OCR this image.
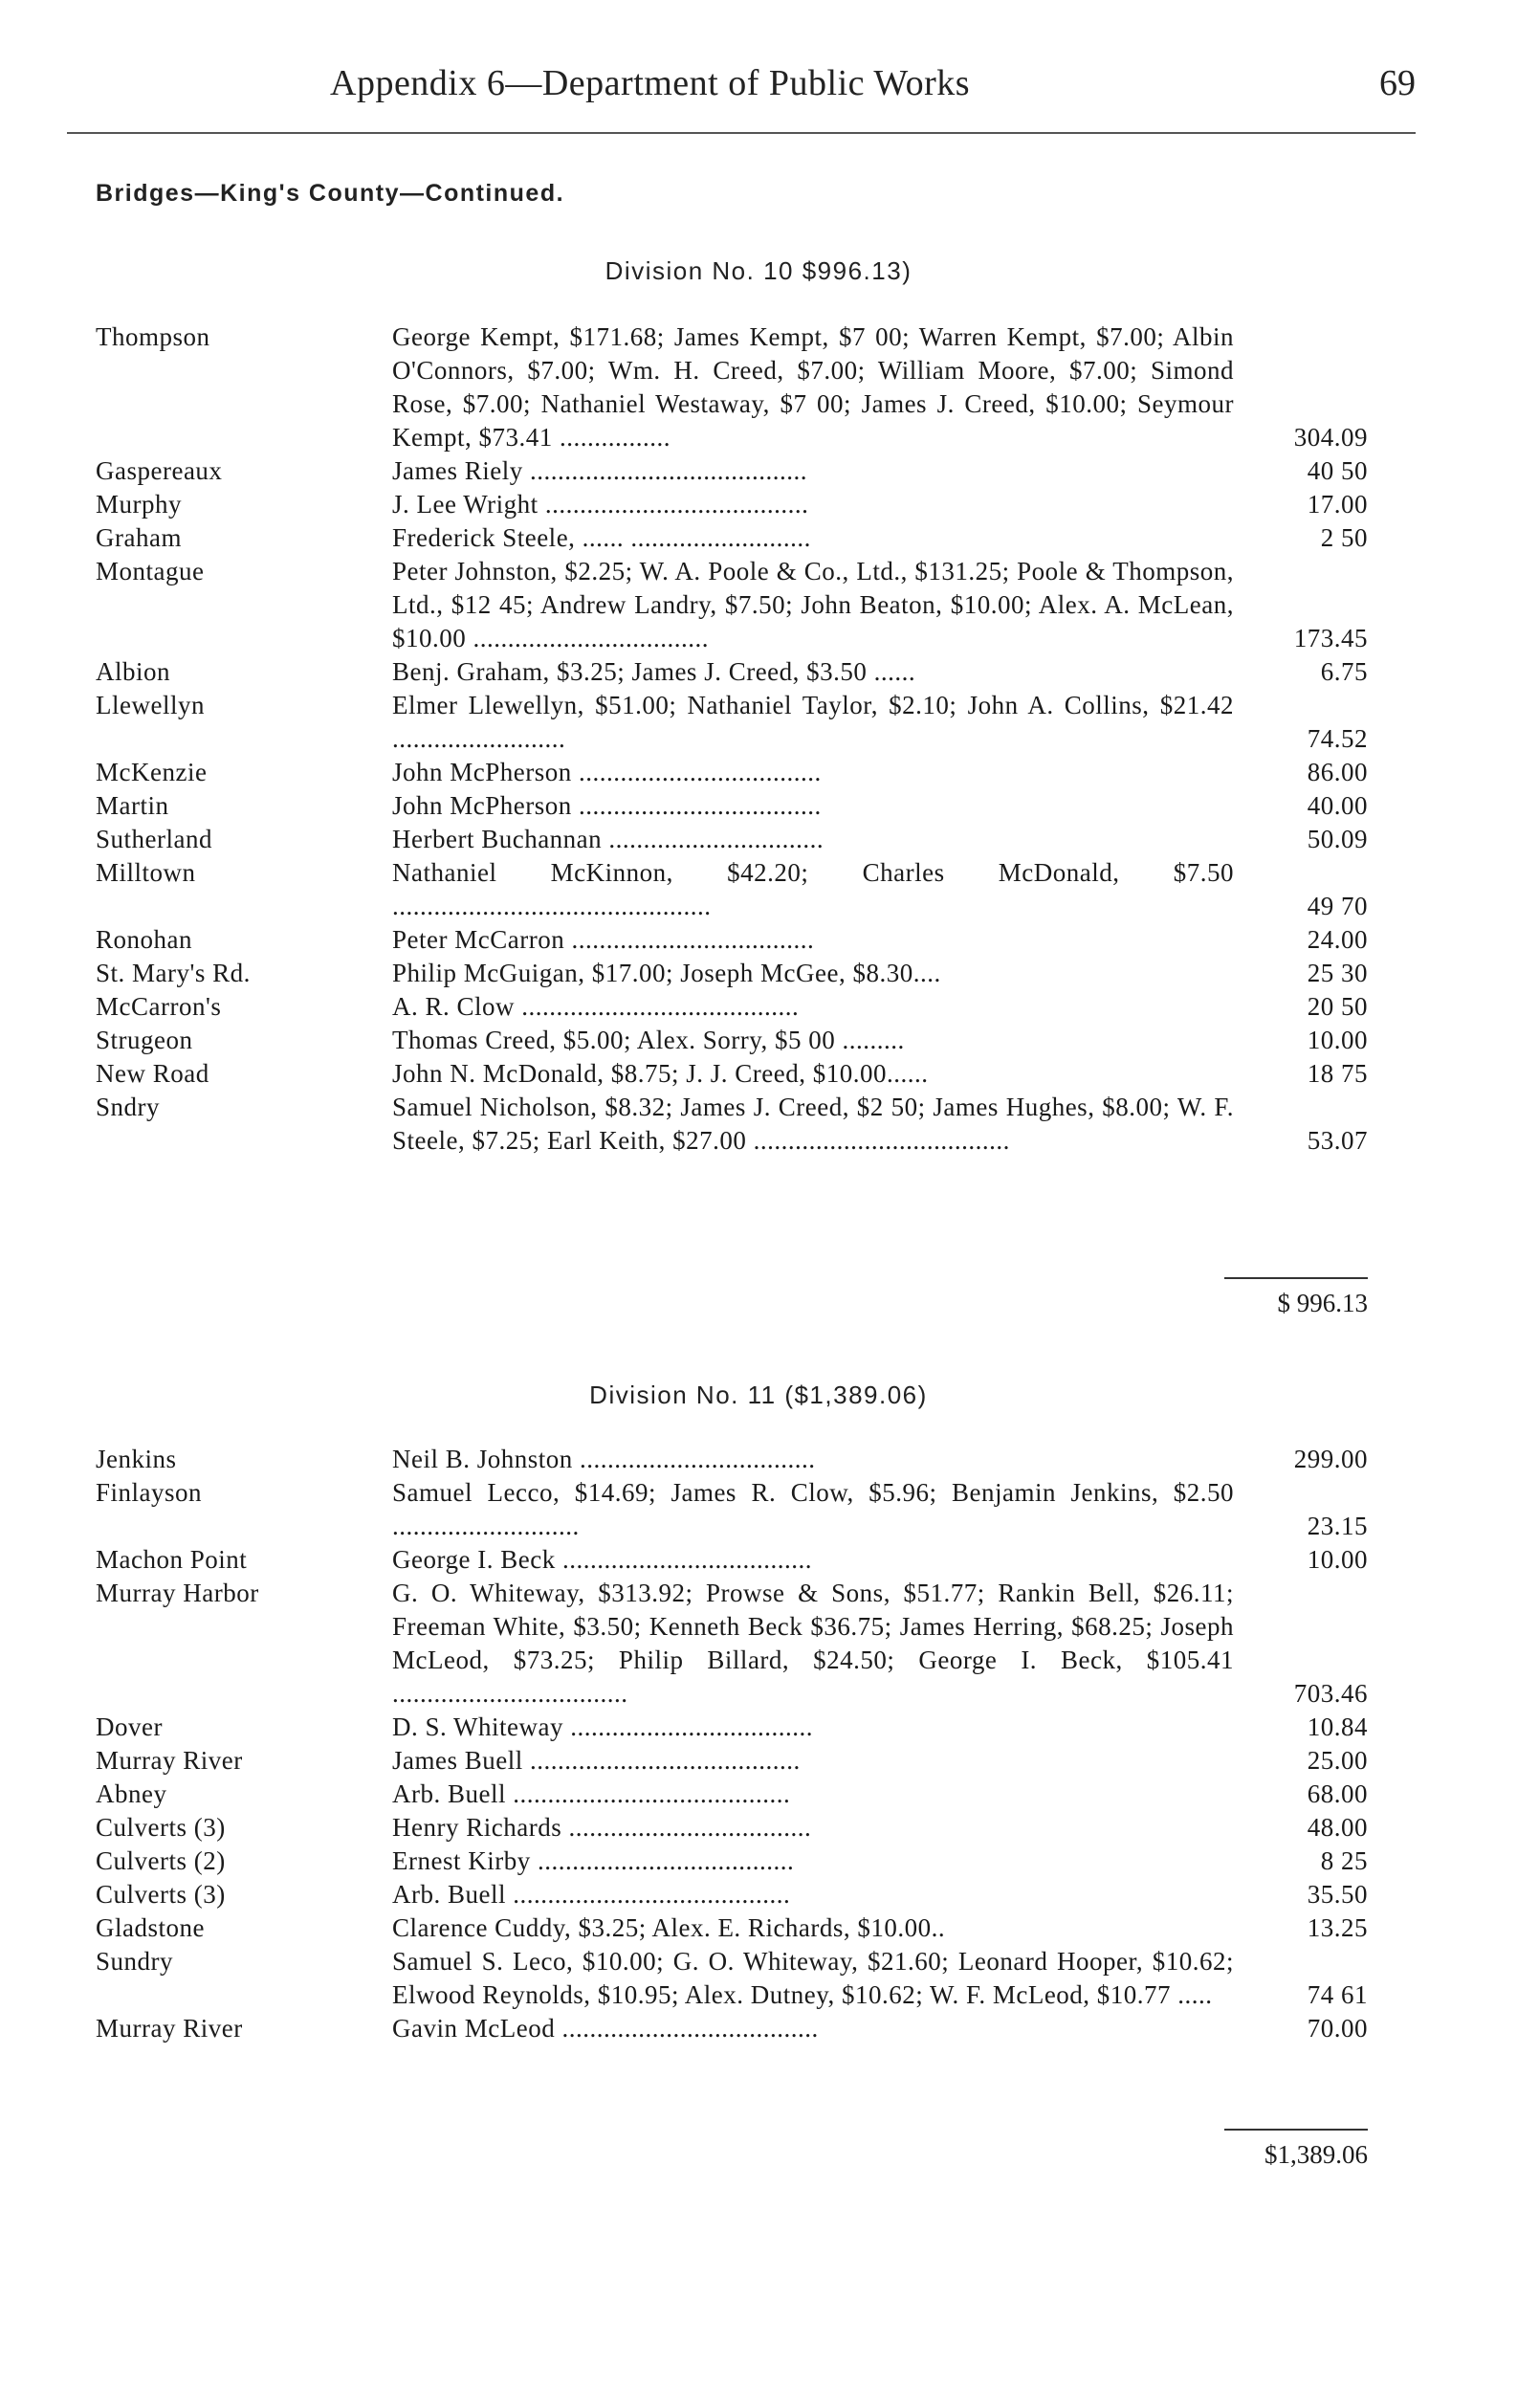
Appendix 6—Department of Public Works	69
Bridges—King's County—Continued.
Division No. 10 $996.13)
Thompson	George Kempt, $171.68; James Kempt, $7 00; Warren Kempt, $7.00; Albin O'Connors, $7.00; Wm. H. Creed, $7.00; William Moore, $7.00; Simond Rose, $7.00; Nathaniel Westaway, $7 00; James J. Creed, $10.00; Seymour Kempt, $73.41 ................	304.09
Gaspereaux	James Riely ........................................	40 50
Murphy	J. Lee Wright ......................................	17.00
Graham	Frederick Steele, ...... ..........................	2 50
Montague	Peter Johnston, $2.25; W. A. Poole & Co., Ltd., $131.25; Poole & Thompson, Ltd., $12 45; Andrew Landry, $7.50; John Beaton, $10.00; Alex. A. McLean, $10.00 ..................................	173.45
Albion	Benj. Graham, $3.25; James J. Creed, $3.50 ......	6.75
Llewellyn	Elmer Llewellyn, $51.00; Nathaniel Taylor, $2.10; John A. Collins, $21.42 .........................	74.52
McKenzie	John McPherson ...................................	86.00
Martin	John McPherson ...................................	40.00
Sutherland	Herbert Buchannan ...............................	50.09
Milltown	Nathaniel McKinnon, $42.20; Charles McDonald, $7.50 ..............................................	49 70
Ronohan	Peter McCarron ...................................	24.00
St. Mary's Rd.	Philip McGuigan, $17.00; Joseph McGee, $8.30....	25 30
McCarron's	A. R. Clow ........................................	20 50
Strugeon	Thomas Creed, $5.00; Alex. Sorry, $5 00 .........	10.00
New Road	John N. McDonald, $8.75; J. J. Creed, $10.00......	18 75
Sndry	Samuel Nicholson, $8.32; James J. Creed, $2 50; James Hughes, $8.00; W. F. Steele, $7.25; Earl Keith, $27.00 .....................................	53.07
$ 996.13
Division No. 11 ($1,389.06)
Jenkins	Neil B. Johnston ..................................	299.00
Finlayson	Samuel Lecco, $14.69; James R. Clow, $5.96; Benjamin Jenkins, $2.50 ...........................	23.15
Machon Point	George I. Beck ....................................	10.00
Murray Harbor	G. O. Whiteway, $313.92; Prowse & Sons, $51.77; Rankin Bell, $26.11; Freeman White, $3.50; Kenneth Beck $36.75; James Herring, $68.25; Joseph McLeod, $73.25; Philip Billard, $24.50; George I. Beck, $105.41 ..................................	703.46
Dover	D. S. Whiteway ...................................	10.84
Murray River	James Buell .......................................	25.00
Abney	Arb. Buell ........................................	68.00
Culverts (3)	Henry Richards ...................................	48.00
Culverts (2)	Ernest Kirby .....................................	8 25
Culverts (3)	Arb. Buell ........................................	35.50
Gladstone	Clarence Cuddy, $3.25; Alex. E. Richards, $10.00..	13.25
Sundry	Samuel S. Leco, $10.00; G. O. Whiteway, $21.60; Leonard Hooper, $10.62; Elwood Reynolds, $10.95; Alex. Dutney, $10.62; W. F. McLeod, $10.77 .....	74 61
Murray River	Gavin McLeod .....................................	70.00
$1,389.06
